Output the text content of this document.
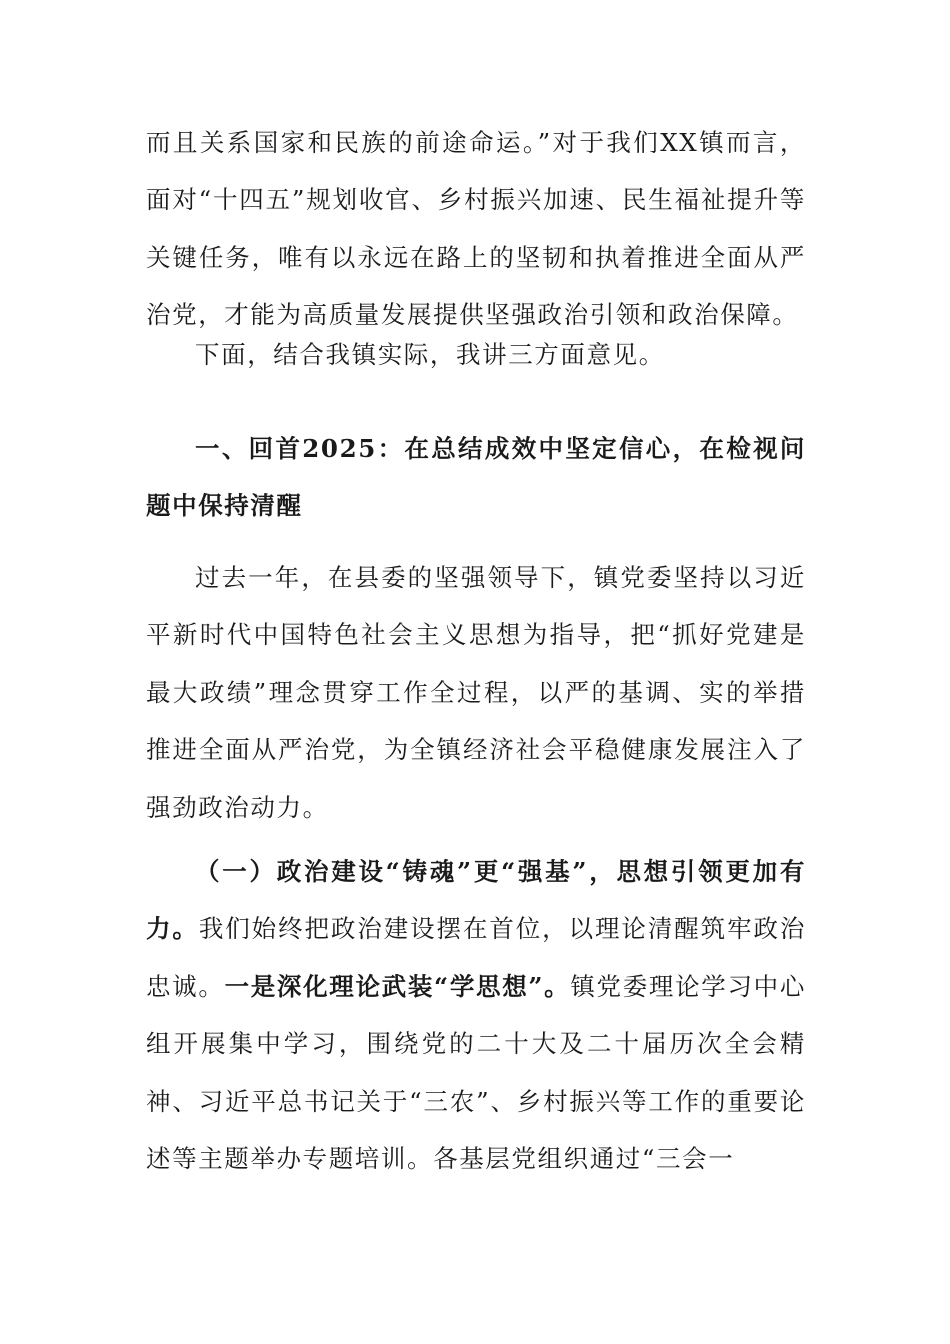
而且关系国家和民族的前途命运。”对于我们XX镇而言，面对“十四五”规划收官、乡村振兴加速、民生福祉提升等关键任务，唯有以永远在路上的坚韧和执着推进全面从严治党，才能为高质量发展提供坚强政治引领和政治保障。

下面，结合我镇实际，我讲三方面意见。

一、回首2025：在总结成效中坚定信心，在检视问题中保持清醒

过去一年，在县委的坚强领导下，镇党委坚持以习近平新时代中国特色社会主义思想为指导，把“抓好党建是最大政绩”理念贯穿工作全过程，以严的基调、实的举措推进全面从严治党，为全镇经济社会平稳健康发展注入了强劲政治动力。

（一）政治建设“铸魂”更“强基”，思想引领更加有力。我们始终把政治建设摆在首位，以理论清醒筑牢政治忠诚。一是深化理论武装“学思想”。镇党委理论学习中心组开展集中学习，围绕党的二十大及二十届历次全会精神、习近平总书记关于“三农”、乡村振兴等工作的重要论述等主题举办专题培训。各基层党组织通过“三会一
